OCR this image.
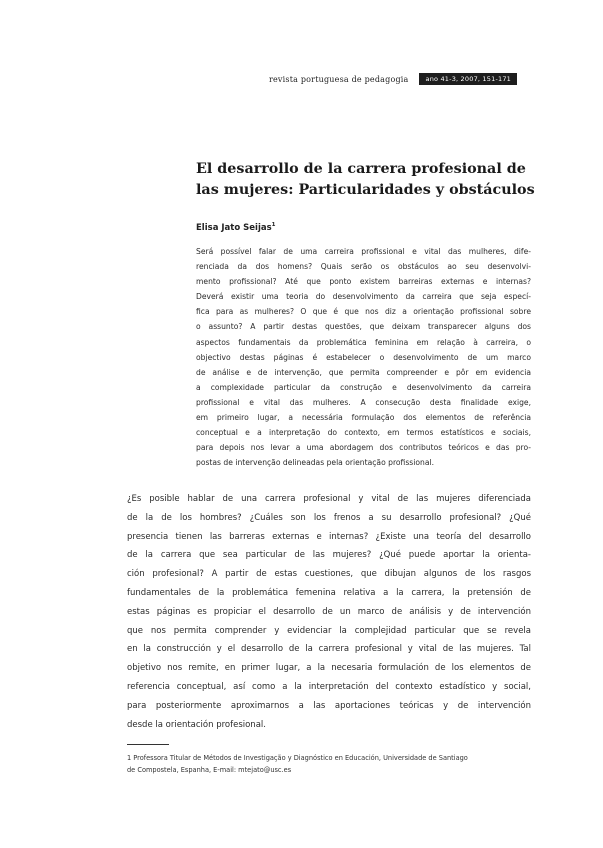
revista portuguesa de pedagogia	ano 41-3, 2007, 151-171
El desarrollo de la carrera profesional de
las mujeres: Particularidades y obstáculos
Elisa Jato Seijas$^1$
Será possível falar de uma carreira profissional e vital das mulheres, dife-
renciada da dos homens? Quais serão os obstáculos ao seu desenvolvi-
mento profissional? Até que ponto existem barreiras externas e internas?
Deverá existir uma teoria do desenvolvimento da carreira que seja especí-
fica para as mulheres? O que é que nos diz a orientação profissional sobre
o assunto? A partir destas questões, que deixam transparecer alguns dos
aspectos fundamentais da problemática feminina em relação à carreira, o
objectivo destas páginas é estabelecer o desenvolvimento de um marco
de análise e de intervenção, que permita compreender e pôr em evidencia
a complexidade particular da construção e desenvolvimento da carreira
profissional e vital das mulheres. A consecução desta finalidade exige,
em primeiro lugar, a necessária formulação dos elementos de referência
conceptual e a interpretação do contexto, em termos estatísticos e sociais,
para depois nos levar a uma abordagem dos contributos teóricos e das pro-
postas de intervenção delineadas pela orientação profissional.
¿Es posible hablar de una carrera profesional y vital de las mujeres diferenciada
de la de los hombres? ¿Cuáles son los frenos a su desarrollo profesional? ¿Qué
presencia tienen las barreras externas e internas? ¿Existe una teoría del desarrollo
de la carrera que sea particular de las mujeres? ¿Qué puede aportar la orienta-
ción profesional? A partir de estas cuestiones, que dibujan algunos de los rasgos
fundamentales de la problemática femenina relativa a la carrera, la pretensión de
estas páginas es propiciar el desarrollo de un marco de análisis y de intervención
que nos permita comprender y evidenciar la complejidad particular que se revela
en la construcción y el desarrollo de la carrera profesional y vital de las mujeres. Tal
objetivo nos remite, en primer lugar, a la necesaria formulación de los elementos de
referencia conceptual, así como a la interpretación del contexto estadístico y social,
para posteriormente aproximarnos a las aportaciones teóricas y de intervención
desde la orientación profesional.
1 Professora Titular de Métodos de Investigação y Diagnóstico en Educación, Universidade de Santiago
de Compostela, Espanha, E-mail: mtejato@usc.es
